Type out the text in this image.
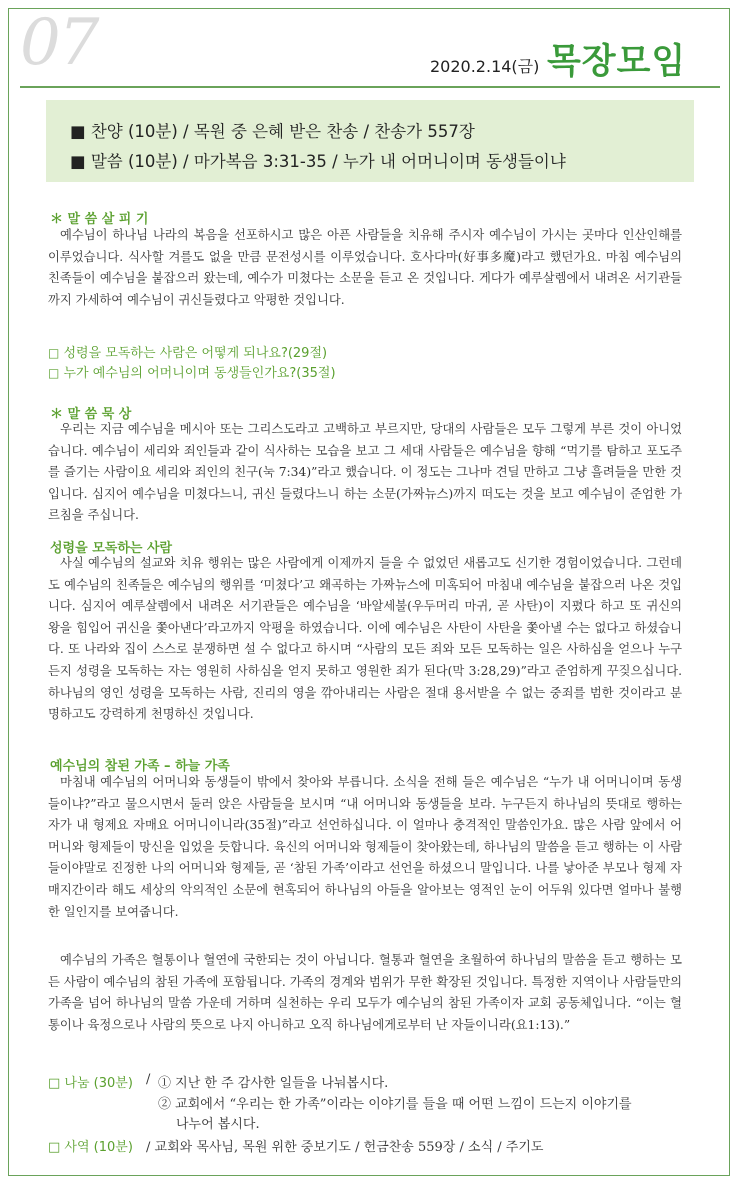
07	2020.2.14(금) 목장모임
■ 찬양 (10분) / 목원 중 은혜 받은 찬송 / 찬송가 557장
■ 말씀 (10분) / 마가복음 3:31-35 / 누가 내 어머니이며 동생들이냐
＊ 말 씀 살 피 기

예수님이 하나님 나라의 복음을 선포하시고 많은 아픈 사람들을 치유해 주시자 예수님이 가시는 곳마다 인산인해를 이루었습니다. 식사할 겨를도 없을 만큼 문전성시를 이루었습니다. 호사다마(好事多魔)라고 했던가요. 마침 예수님의 친족들이 예수님을 붙잡으러 왔는데, 예수가 미쳤다는 소문을 듣고 온 것입니다. 게다가 예루살렘에서 내려온 서기관들까지 가세하여 예수님이 귀신들렸다고 악평한 것입니다.

□ 성령을 모독하는 사람은 어떻게 되나요?(29절)
□ 누가 예수님의 어머니이며 동생들인가요?(35절)
＊ 말 씀 묵 상

우리는 지금 예수님을 메시아 또는 그리스도라고 고백하고 부르지만, 당대의 사람들은 모두 그렇게 부른 것이 아니었습니다. 예수님이 세리와 죄인들과 같이 식사하는 모습을 보고 그 세대 사람들은 예수님을 향해 “먹기를 탐하고 포도주를 즐기는 사람이요 세리와 죄인의 친구(눅 7:34)”라고 했습니다. 이 정도는 그나마 견딜 만하고 그냥 흘려들을 만한 것입니다. 심지어 예수님을 미쳤다느니, 귀신 들렸다느니 하는 소문(가짜뉴스)까지 떠도는 것을 보고 예수님이 준엄한 가르침을 주십니다.

성령을 모독하는 사람

사실 예수님의 설교와 치유 행위는 많은 사람에게 이제까지 들을 수 없었던 새롭고도 신기한 경험이었습니다. 그런데도 예수님의 친족들은 예수님의 행위를 ‘미쳤다’고 왜곡하는 가짜뉴스에 미혹되어 마침내 예수님을 붙잡으러 나온 것입니다. 심지어 예루살렘에서 내려온 서기관들은 예수님을 ‘바알세불(우두머리 마귀, 곧 사탄)이 지폈다 하고 또 귀신의 왕을 힘입어 귀신을 쫓아낸다’라고까지 악평을 하였습니다. 이에 예수님은 사탄이 사탄을 쫓아낼 수는 없다고 하셨습니다. 또 나라와 집이 스스로 분쟁하면 설 수 없다고 하시며 “사람의 모든 죄와 모든 모독하는 일은 사하심을 얻으나 누구든지 성령을 모독하는 자는 영원히 사하심을 얻지 못하고 영원한 죄가 된다(막 3:28,29)”라고 준엄하게 꾸짖으십니다. 하나님의 영인 성령을 모독하는 사람, 진리의 영을 깎아내리는 사람은 절대 용서받을 수 없는 중죄를 범한 것이라고 분명하고도 강력하게 천명하신 것입니다.

예수님의 참된 가족 – 하늘 가족

마침내 예수님의 어머니와 동생들이 밖에서 찾아와 부릅니다. 소식을 전해 들은 예수님은 “누가 내 어머니이며 동생들이냐?”라고 물으시면서 둘러 앉은 사람들을 보시며 “내 어머니와 동생들을 보라. 누구든지 하나님의 뜻대로 행하는 자가 내 형제요 자매요 어머니이니라(35절)”라고 선언하십니다. 이 얼마나 충격적인 말씀인가요. 많은 사람 앞에서 어머니와 형제들이 망신을 입었을 듯합니다. 육신의 어머니와 형제들이 찾아왔는데, 하나님의 말씀을 듣고 행하는 이 사람들이야말로 진정한 나의 어머니와 형제들, 곧 ‘참된 가족’이라고 선언을 하셨으니 말입니다. 나를 낳아준 부모나 형제 자매지간이라 해도 세상의 악의적인 소문에 현혹되어 하나님의 아들을 알아보는 영적인 눈이 어두워 있다면 얼마나 불행한 일인지를 보여줍니다.

예수님의 가족은 혈통이나 혈연에 국한되는 것이 아닙니다. 혈통과 혈연을 초월하여 하나님의 말씀을 듣고 행하는 모든 사람이 예수님의 참된 가족에 포함됩니다. 가족의 경계와 범위가 무한 확장된 것입니다. 특정한 지역이나 사람들만의 가족을 넘어 하나님의 말씀 가운데 거하며 실천하는 우리 모두가 예수님의 참된 가족이자 교회 공동체입니다. “이는 혈통이나 육정으로나 사람의 뜻으로 나지 아니하고 오직 하나님에게로부터 난 자들이니라(요1:13).”

□ 나눔 (30분) / ① 지난 한 주 감사한 일들을 나눠봅시다.
② 교회에서 “우리는 한 가족”이라는 이야기를 들을 때 어떤 느낌이 드는지 이야기를
나누어 봅시다.
□ 사역 (10분) / 교회와 목사님, 목원 위한 중보기도 / 헌금찬송 559장 / 소식 / 주기도
